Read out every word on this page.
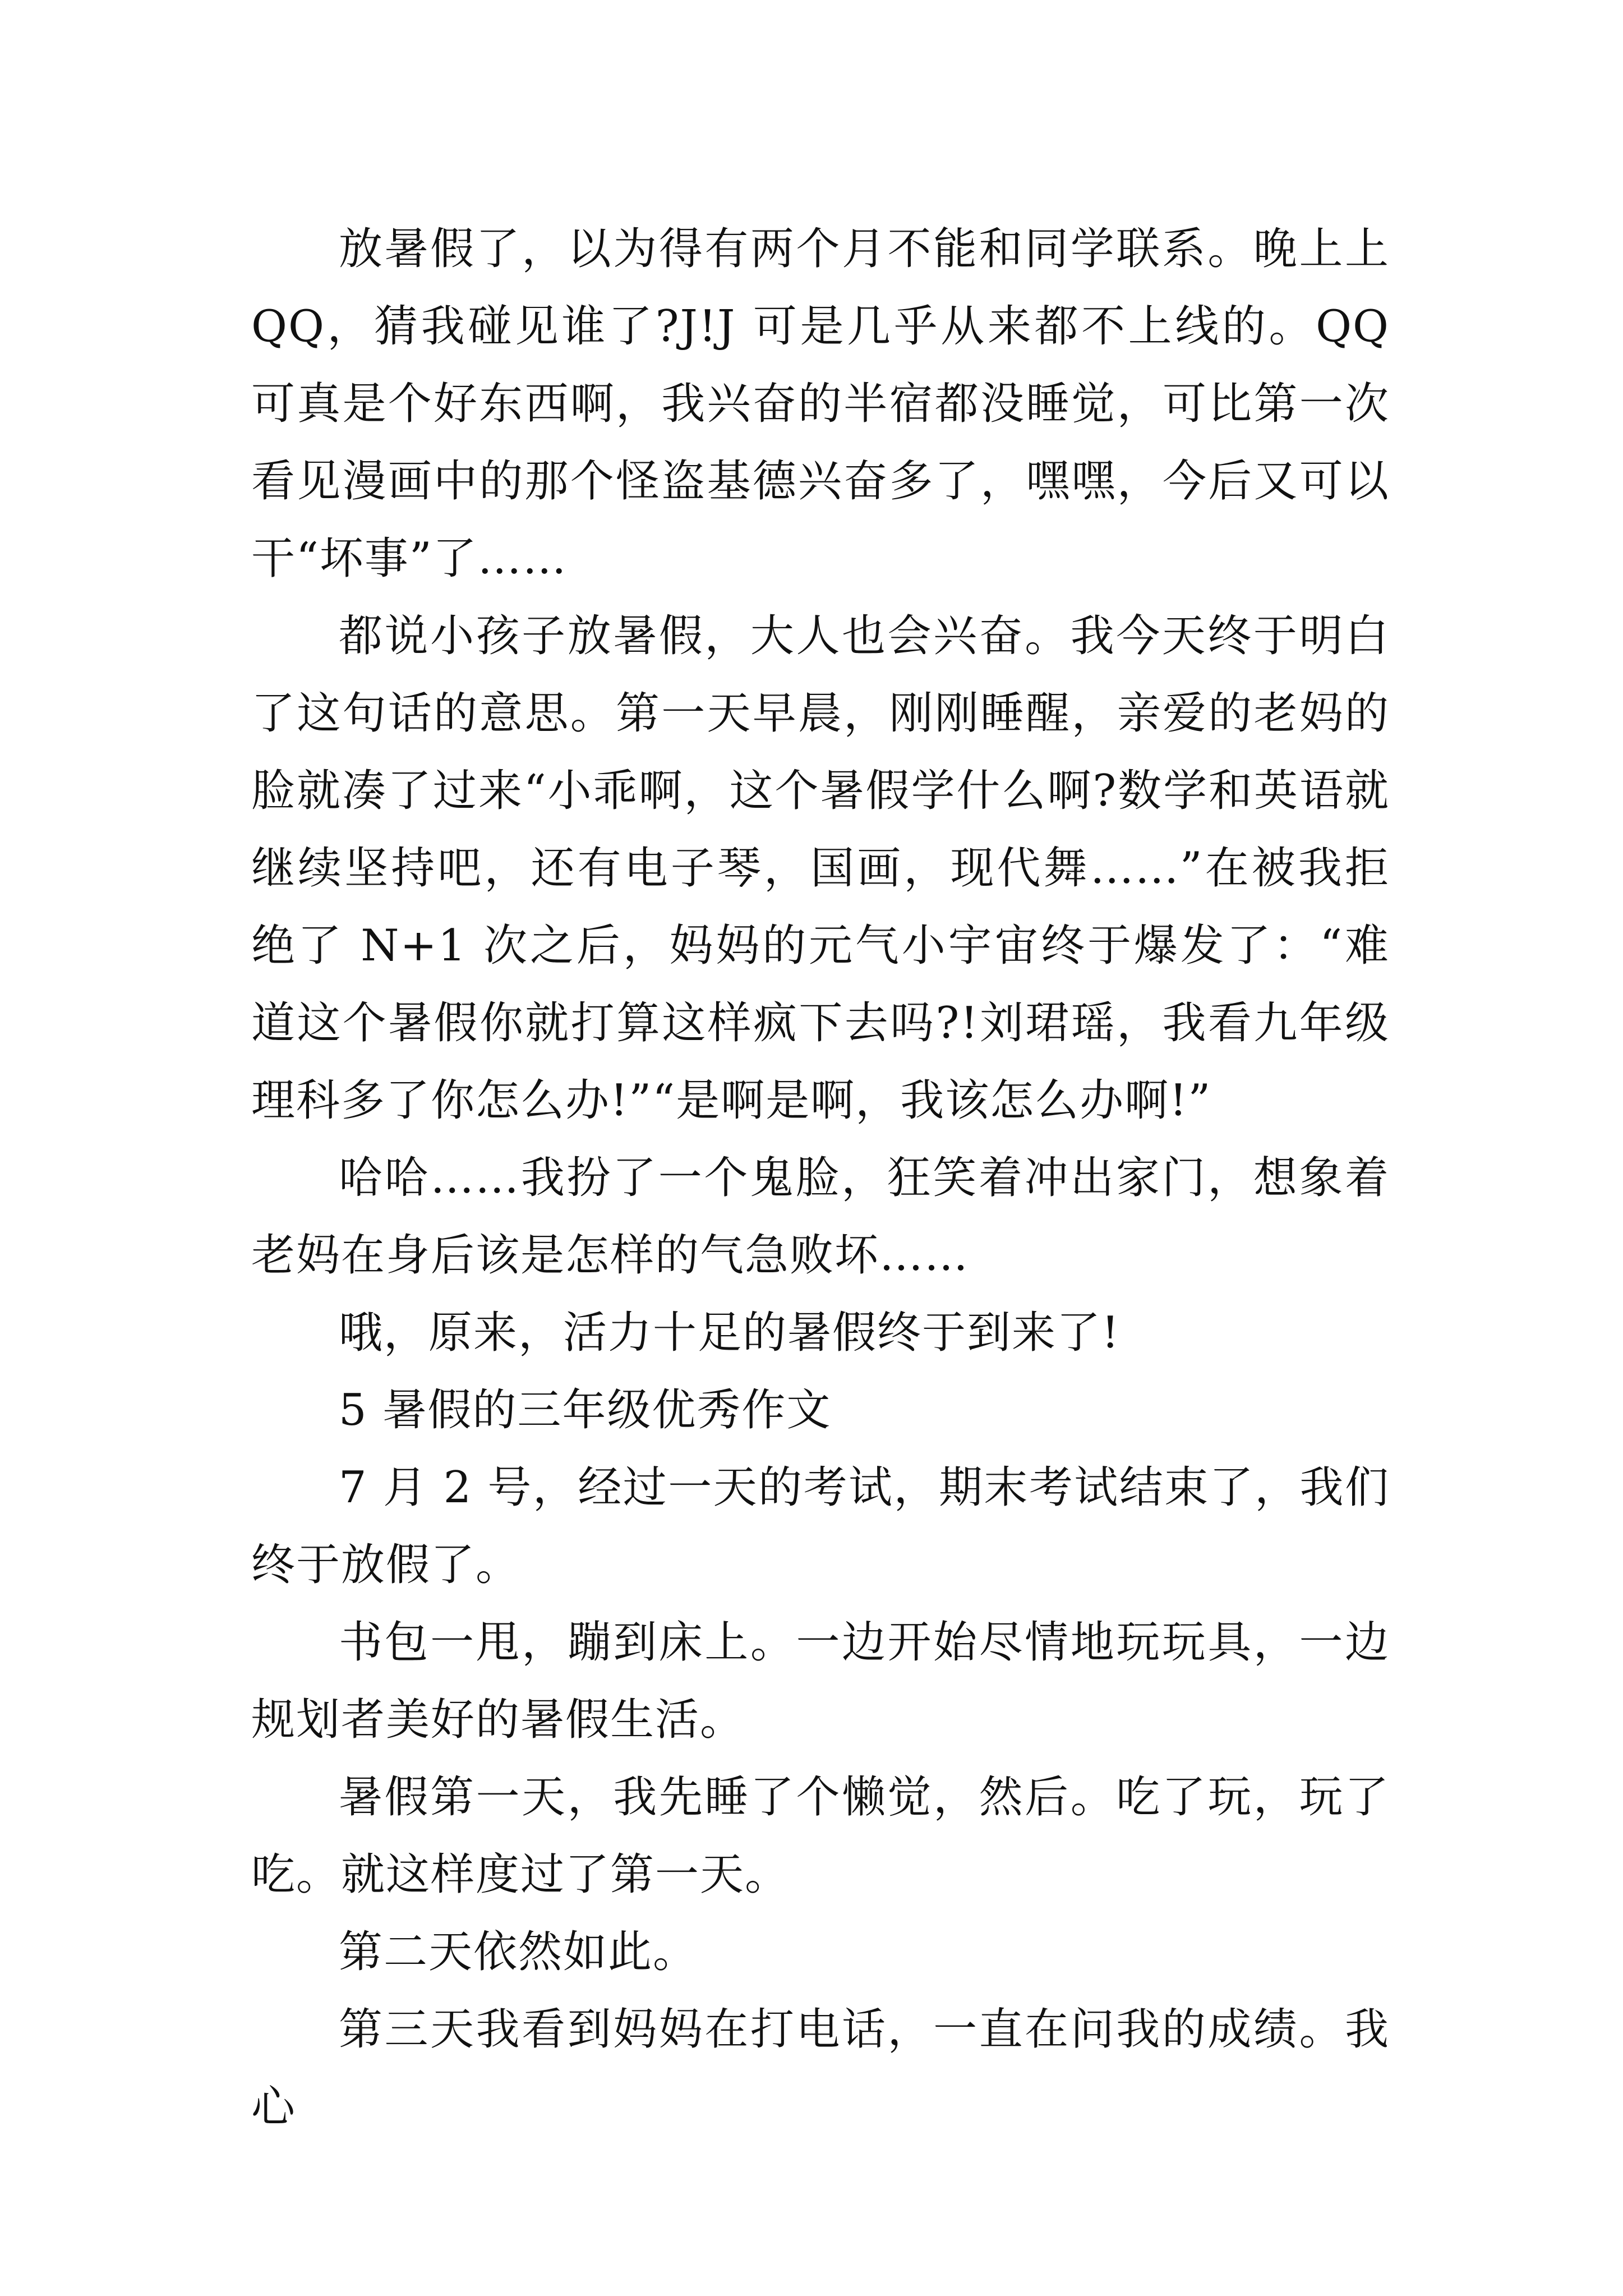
放暑假了，以为得有两个月不能和同学联系。晚上上QQ，猜我碰见谁了?J!J 可是几乎从来都不上线的。QQ 可真是个好东西啊，我兴奋的半宿都没睡觉，可比第一次看见漫画中的那个怪盗基德兴奋多了，嘿嘿，今后又可以干“坏事”了……

都说小孩子放暑假，大人也会兴奋。我今天终于明白了这句话的意思。第一天早晨，刚刚睡醒，亲爱的老妈的脸就凑了过来“小乖啊，这个暑假学什么啊?数学和英语就继续坚持吧，还有电子琴，国画，现代舞……”在被我拒绝了 N+1 次之后，妈妈的元气小宇宙终于爆发了：“难道这个暑假你就打算这样疯下去吗?!刘珺瑶，我看九年级理科多了你怎么办!”“是啊是啊，我该怎么办啊!”

哈哈……我扮了一个鬼脸，狂笑着冲出家门，想象着老妈在身后该是怎样的气急败坏……

哦，原来，活力十足的暑假终于到来了!

5 暑假的三年级优秀作文

7 月 2 号，经过一天的考试，期末考试结束了，我们终于放假了。

书包一甩，蹦到床上。一边开始尽情地玩玩具，一边规划者美好的暑假生活。

暑假第一天，我先睡了个懒觉，然后。吃了玩，玩了吃。就这样度过了第一天。

第二天依然如此。

第三天我看到妈妈在打电话，一直在问我的成绩。我心
